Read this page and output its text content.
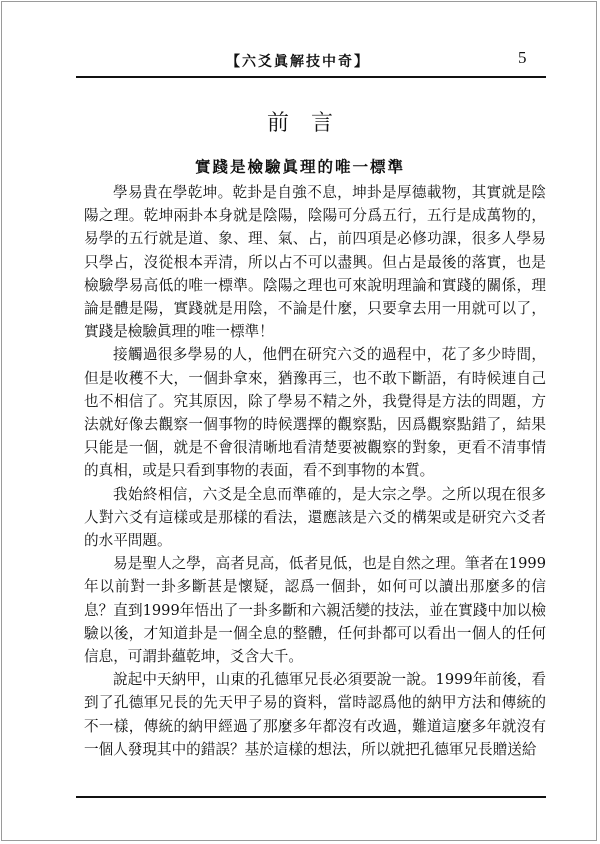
【六爻眞解技中奇】	5
前言
實踐是檢驗眞理的唯一標準

學易貴在學乾坤。乾卦是自強不息，坤卦是厚德載物，其實就是陰陽之理。乾坤兩卦本身就是陰陽，陰陽可分爲五行，五行是成萬物的，易學的五行就是道、象、理、氣、占，前四項是必修功課，很多人學易只學占，沒從根本弄清，所以占不可以盡興。但占是最後的落實，也是檢驗學易高低的唯一標準。陰陽之理也可來說明理論和實踐的關係，理論是體是陽，實踐就是用陰，不論是什麼，只要拿去用一用就可以了，實踐是檢驗眞理的唯一標準！

接觸過很多學易的人，他們在研究六爻的過程中，花了多少時間，但是收穫不大，一個卦拿來，猶豫再三，也不敢下斷語，有時候連自己也不相信了。究其原因，除了學易不精之外，我覺得是方法的問題，方法就好像去觀察一個事物的時候選擇的觀察點，因爲觀察點錯了，結果只能是一個，就是不會很清晰地看清楚要被觀察的對象，更看不清事情的真相，或是只看到事物的表面，看不到事物的本質。

我始終相信，六爻是全息而準確的，是大宗之學。之所以現在很多人對六爻有這樣或是那樣的看法，還應該是六爻的構架或是研究六爻者的水平問題。

易是聖人之學，高者見高，低者見低，也是自然之理。筆者在1999年以前對一卦多斷甚是懷疑，認爲一個卦，如何可以讀出那麼多的信息？直到1999年悟出了一卦多斷和六親活變的技法，並在實踐中加以檢驗以後，才知道卦是一個全息的整體，任何卦都可以看出一個人的任何信息，可謂卦蘊乾坤，爻含大千。

說起中天納甲，山東的孔德軍兄長必須要說一說。1999年前後，看到了孔德軍兄長的先天甲子易的資料，當時認爲他的納甲方法和傳統的不一樣，傳統的納甲經過了那麼多年都沒有改過，難道這麼多年就沒有一個人發現其中的錯誤？基於這樣的想法，所以就把孔德軍兄長贈送給
